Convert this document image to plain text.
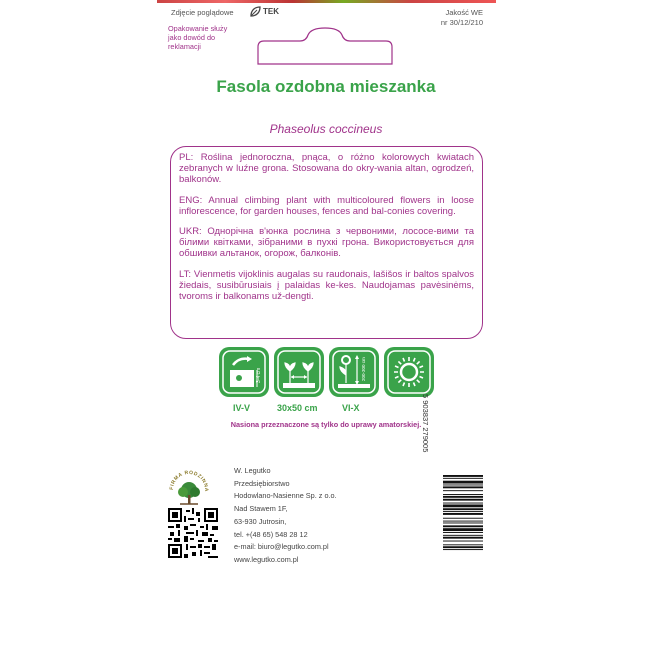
Zdjęcie poglądowe	TEK
Opakowanie służy jako dowód do reklamacji
Jakość WE
nr 30/12/210
Fasola ozdobna mieszanka
Phaseolus coccineus

PL: Roślina jednoroczna, pnąca, o różno kolorowych kwiatach zebranych w luźne grona. Stosowana do okry-wania altan, ogrodzeń, balkonów.

ENG: Annual climbing plant with multicoloured flowers in loose inflorescence, for garden houses, fences and bal-conies covering.

UKR: Однорічна в'юнка рослина з червоними, лососе-вими та білими квітками, зібраними в пухкі грона. Використовується для обшивки альтанок, огорож, балконів.

LT: Vienmetis vijoklinis augalas su raudonais, lašišos ir baltos spalvos žiedais, susibūrusiais į palaidas ke-kes. Naudojamas pavėsinėms, tvoroms ir balkonams už-dengti.

3-4 cm	200-300 cm
IV-V	30x50 cm	VI-X
Nasiona przeznaczone są tylko do uprawy amatorskiej.
FIRMA RODZINNA
W. Legutko
Przedsiębiorstwo
Hodowlano-Nasienne Sp. z o.o.
Nad Stawem 1F,
63-930 Jutrosin,
tel. +(48 65) 548 28 12
e-mail: biuro@legutko.com.pl
www.legutko.com.pl
5 903837 279005
